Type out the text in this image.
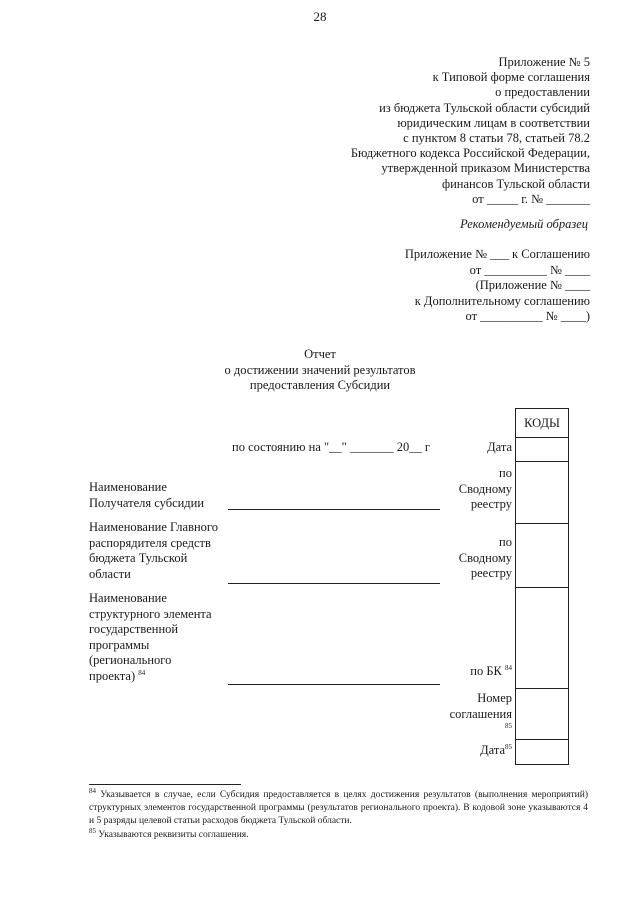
28
Приложение № 5
к Типовой форме соглашения
о предоставлении
из бюджета Тульской области субсидий
юридическим лицам в соответствии
с пунктом 8 статьи 78, статьей 78.2
Бюджетного кодекса Российской Федерации,
утвержденной приказом Министерства
финансов Тульской области
от _____ г. № _______
Рекомендуемый образец
Приложение № ___ к Соглашению
от __________ № ____
(Приложение № ____
к Дополнительному соглашению
от __________ № ____)
Отчет
о достижении значений результатов
предоставления Субсидии
КОДЫ
по состоянию на "__" _______ 20__ г	Дата
по
Сводному
реестру
по
Сводному
реестру
по БК $^{84}$
Номер
соглашения
85
Дата$^{85}$
Наименование
Получателя субсидии
Наименование Главного
распорядителя средств
бюджета Тульской
области
Наименование
структурного элемента
государственной
программы
(регионального
проекта) $^{84}$
$^{84}$ Указывается в случае, если Субсидия предоставляется в целях достижения результатов (выполнения мероприятий) структурных элементов государственной программы (результатов регионального проекта). В кодовой зоне указываются 4 и 5 разряды целевой статьи расходов бюджета Тульской области.
$^{85}$ Указываются реквизиты соглашения.
